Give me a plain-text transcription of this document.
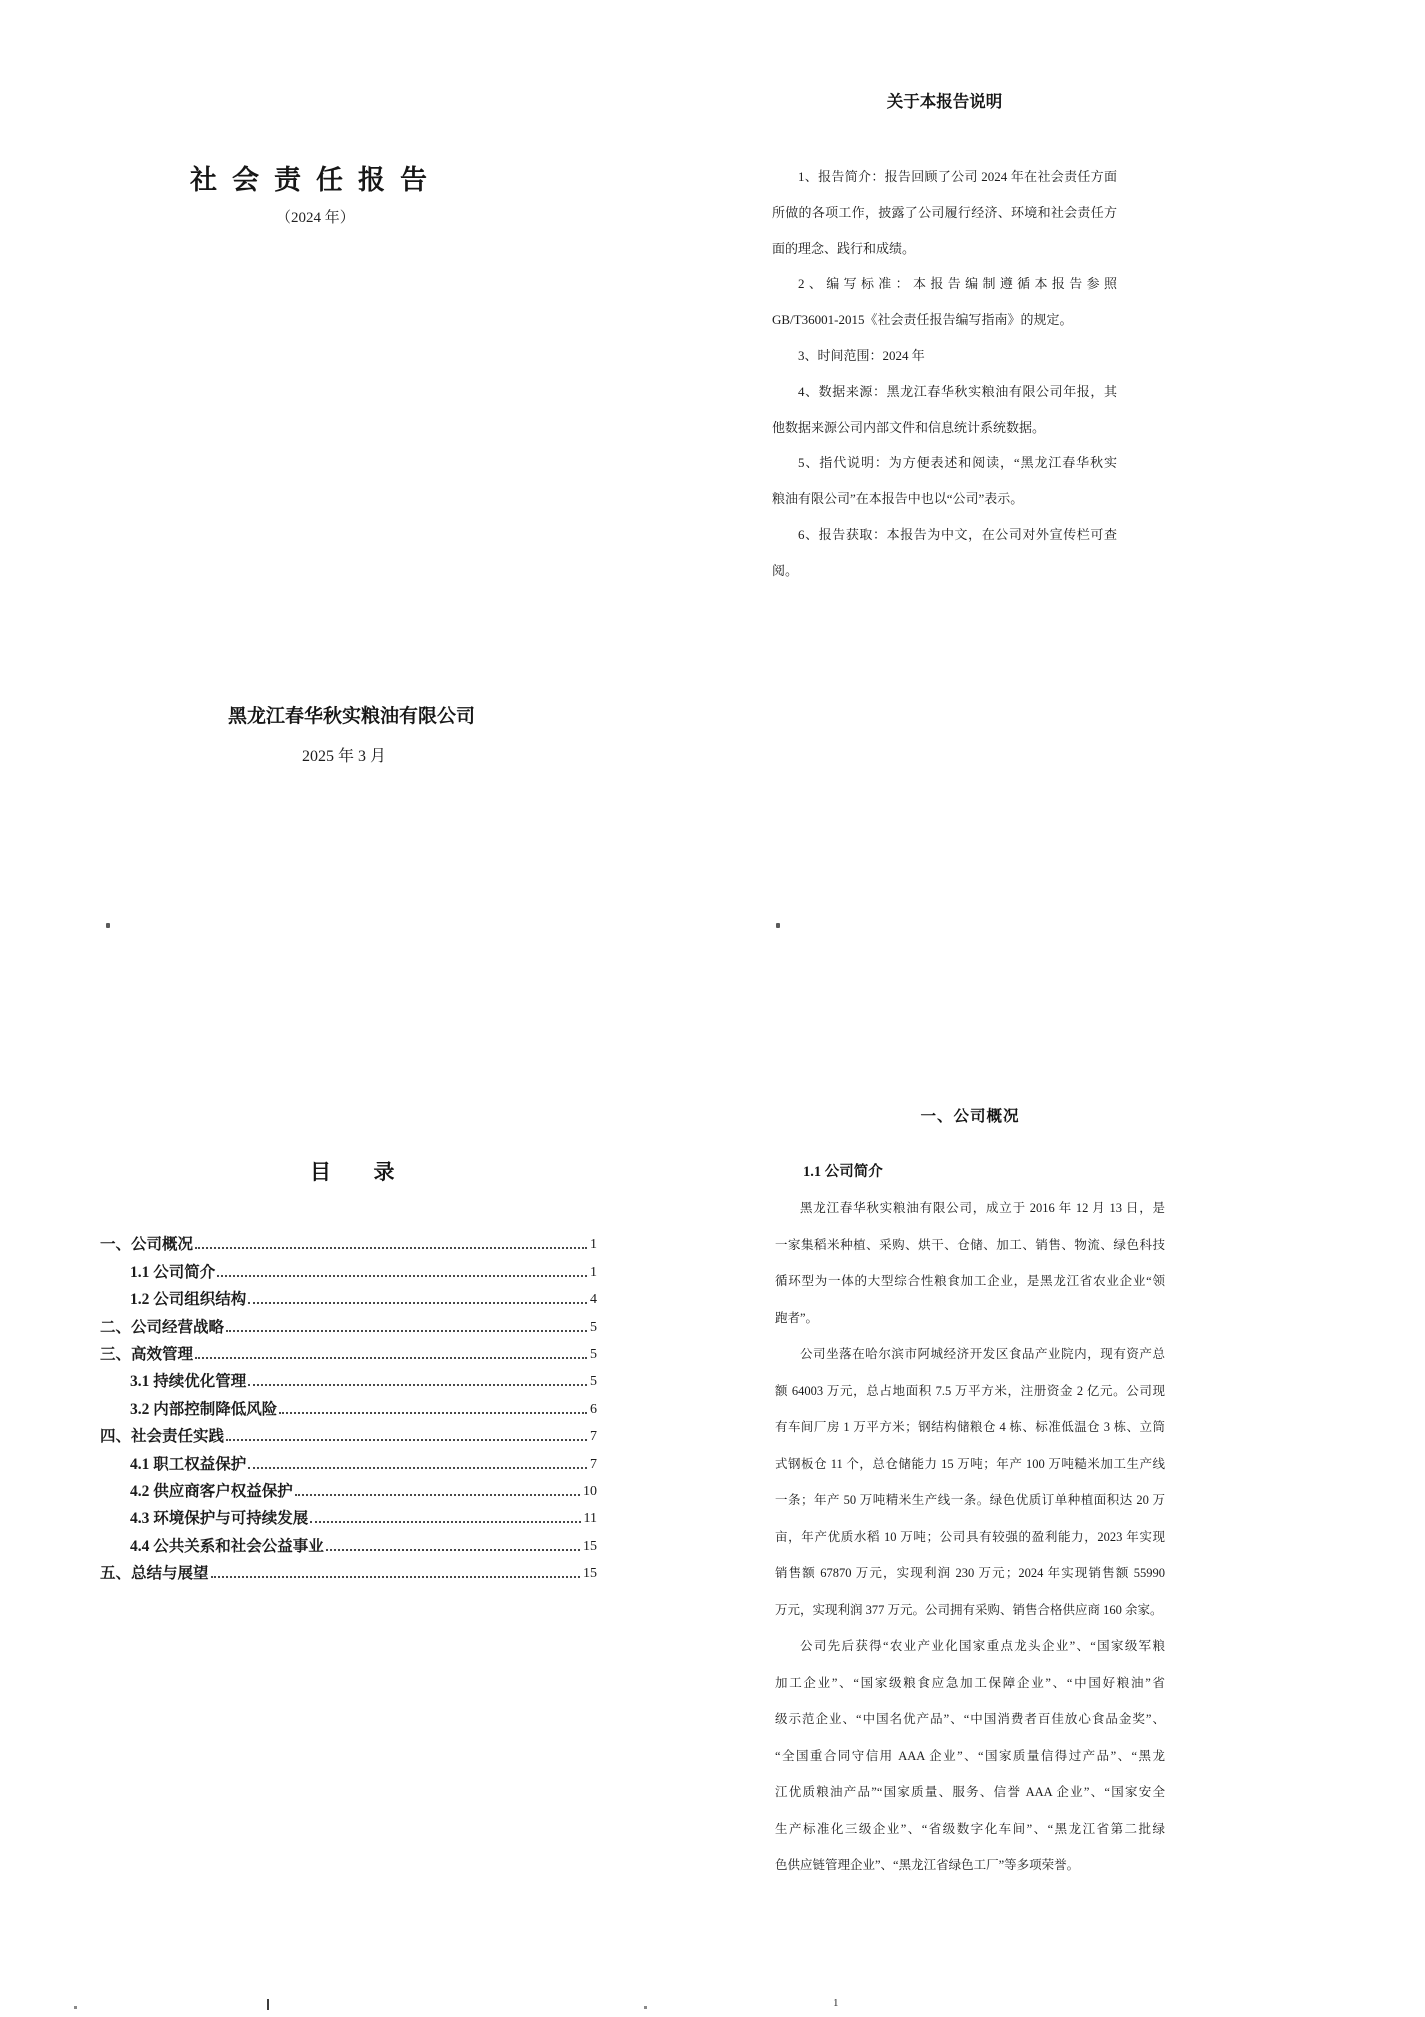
社会责任报告
（2024 年）
黑龙江春华秋实粮油有限公司
2025 年 3 月
关于本报告说明
1、报告简介：报告回顾了公司 2024 年在社会责任方面
所做的各项工作，披露了公司履行经济、环境和社会责任方
面的理念、践行和成绩。
2、编写标准：本报告编制遵循本报告参照
GB/T36001-2015《社会责任报告编写指南》的规定。
3、时间范围：2024 年
4、数据来源：黑龙江春华秋实粮油有限公司年报，其
他数据来源公司内部文件和信息统计系统数据。
5、指代说明：为方便表述和阅读，“黑龙江春华秋实
粮油有限公司”在本报告中也以“公司”表示。
6、报告获取：本报告为中文，在公司对外宣传栏可查
阅。
目  录
一、公司概况	1
1.1 公司简介	1
1.2 公司组织结构	4
二、公司经营战略	5
三、高效管理	5
3.1 持续优化管理	5
3.2 内部控制降低风险	6
四、社会责任实践	7
4.1 职工权益保护	7
4.2 供应商客户权益保护	10
4.3 环境保护与可持续发展	11
4.4 公共关系和社会公益事业	15
五、总结与展望	15
一、公司概况
1.1 公司简介
黑龙江春华秋实粮油有限公司，成立于 2016 年 12 月 13 日，是
一家集稻米种植、采购、烘干、仓储、加工、销售、物流、绿色科技
循环型为一体的大型综合性粮食加工企业，是黑龙江省农业企业“领
跑者”。
公司坐落在哈尔滨市阿城经济开发区食品产业院内，现有资产总
额 64003 万元，总占地面积 7.5 万平方米，注册资金 2 亿元。公司现
有车间厂房 1 万平方米；钢结构储粮仓 4 栋、标准低温仓 3 栋、立筒
式钢板仓 11 个，总仓储能力 15 万吨；年产 100 万吨糙米加工生产线
一条；年产 50 万吨精米生产线一条。绿色优质订单种植面积达 20 万
亩，年产优质水稻 10 万吨；公司具有较强的盈利能力，2023 年实现
销售额 67870 万元，实现利润 230 万元；2024 年实现销售额 55990
万元，实现利润 377 万元。公司拥有采购、销售合格供应商 160 余家。
公司先后获得“农业产业化国家重点龙头企业”、“国家级军粮
加工企业”、“国家级粮食应急加工保障企业”、“中国好粮油”省
级示范企业、“中国名优产品”、“中国消费者百佳放心食品金奖”、
“全国重合同守信用 AAA 企业”、“国家质量信得过产品”、“黑龙
江优质粮油产品”“国家质量、服务、信誉 AAA 企业”、“国家安全
生产标准化三级企业”、“省级数字化车间”、“黑龙江省第二批绿
色供应链管理企业”、“黑龙江省绿色工厂”等多项荣誉。
1
